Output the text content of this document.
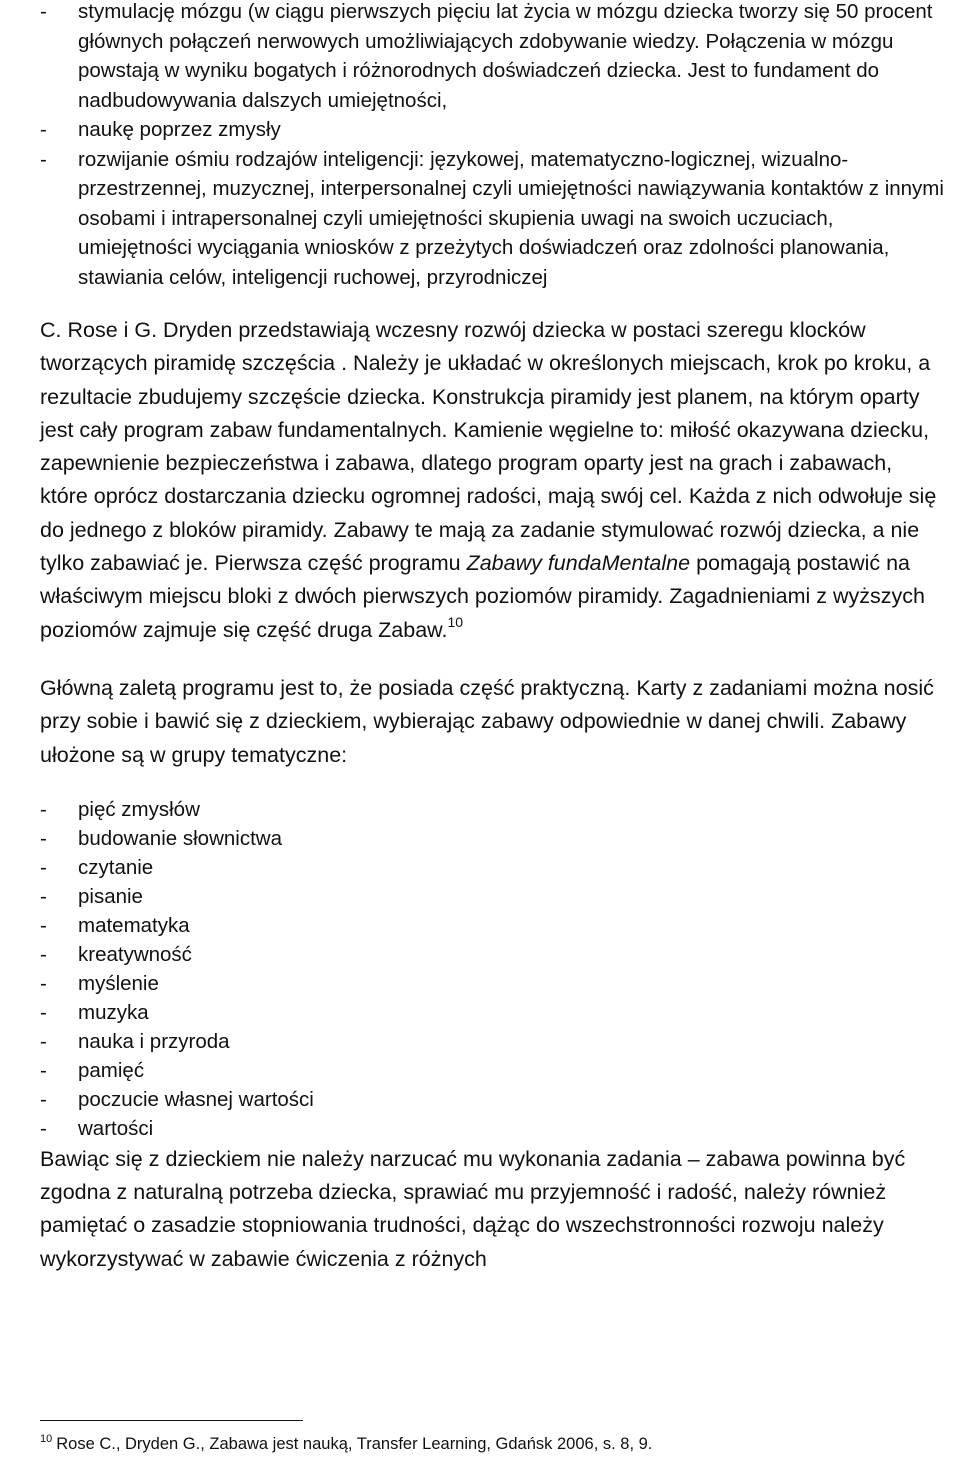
- stymulację mózgu (w ciągu pierwszych pięciu lat życia w mózgu dziecka tworzy się 50 procent głównych połączeń nerwowych umożliwiających zdobywanie wiedzy. Połączenia w mózgu powstają w wyniku bogatych i różnorodnych doświadczeń dziecka. Jest to fundament do nadbudowywania dalszych umiejętności,
- naukę poprzez zmysły
- rozwijanie ośmiu rodzajów inteligencji: językowej, matematyczno-logicznej, wizualno-przestrzennej, muzycznej, interpersonalnej czyli umiejętności nawiązywania kontaktów z innymi osobami i intrapersonalnej czyli umiejętności skupienia uwagi na swoich uczuciach, umiejętności wyciągania wniosków z przeżytych doświadczeń oraz zdolności planowania, stawiania celów, inteligencji ruchowej, przyrodniczej

C. Rose i G. Dryden przedstawiają wczesny rozwój dziecka w postaci szeregu klocków tworzących piramidę szczęścia . Należy je układać w określonych miejscach, krok po kroku, a rezultacie zbudujemy szczęście dziecka. Konstrukcja piramidy jest planem, na którym oparty jest cały program zabaw fundamentalnych. Kamienie węgielne to: miłość okazywana dziecku, zapewnienie bezpieczeństwa i zabawa, dlatego program oparty jest na grach i zabawach, które oprócz dostarczania dziecku ogromnej radości, mają swój cel. Każda z nich odwołuje się do jednego z bloków piramidy. Zabawy te mają za zadanie stymulować rozwój dziecka, a nie tylko zabawiać je. Pierwsza część programu Zabawy fundaMentalne pomagają postawić na właściwym miejscu bloki z dwóch pierwszych poziomów piramidy. Zagadnieniami z wyższych poziomów zajmuje się część druga Zabaw.$^{10}$

Główną zaletą programu jest to, że posiada część praktyczną. Karty z zadaniami można nosić przy sobie i bawić się z dzieckiem, wybierając zabawy odpowiednie w danej chwili. Zabawy ułożone są w grupy tematyczne:

- pięć zmysłów
- budowanie słownictwa
- czytanie
- pisanie
- matematyka
- kreatywność
- myślenie
- muzyka
- nauka i przyroda
- pamięć
- poczucie własnej wartości
- wartości

Bawiąc się z dzieckiem nie należy narzucać mu wykonania zadania – zabawa powinna być zgodna z naturalną potrzeba dziecka, sprawiać mu przyjemność i radość, należy również pamiętać o zasadzie stopniowania trudności, dążąc do wszechstronności rozwoju należy wykorzystywać w zabawie ćwiczenia z różnych

$^{10}$ Rose C., Dryden G., Zabawa jest nauką, Transfer Learning, Gdańsk 2006, s. 8, 9.
